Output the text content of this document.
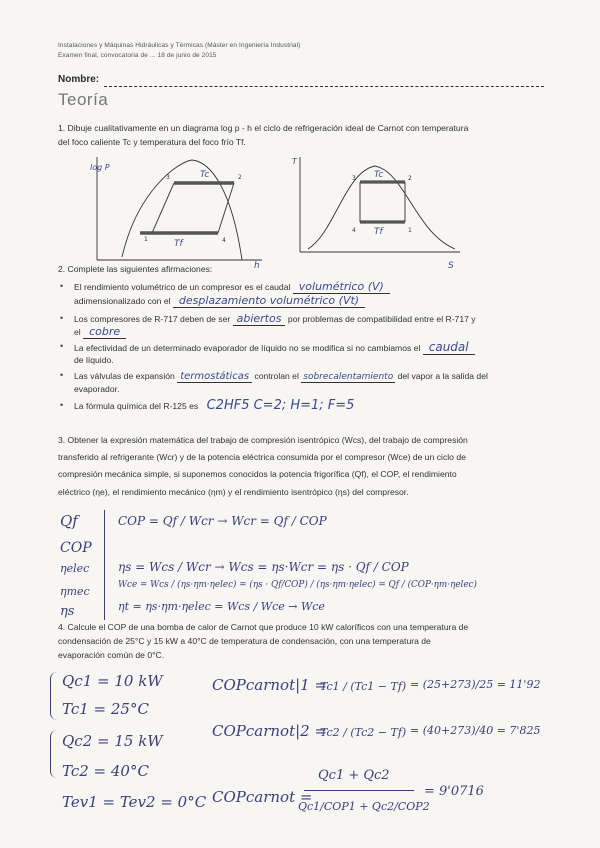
Instalaciones y Máquinas Hidráulicas y Térmicas (Máster en Ingeniería Industrial)
Examen final, convocatoria de ... 18 de junio de 2015
Nombre:
Teoría
1. Dibuje cualitativamente en un diagrama log p - h el ciclo de refrigeración ideal de Carnot con temperatura
del foco caliente Tc y temperatura del foco frío Tf.
log P
h
Tc
Tf
1
2
3
4
T
S
Tc
Tf	1
2
3
4
2. Complete las siguientes afirmaciones:
• El rendimiento volumétrico de un compresor es el caudal volumétrico (V)
adimensionalizado con el desplazamiento volumétrico (Vt)
• Los compresores de R-717 deben de ser abiertos por problemas de compatibilidad entre el R-717 y
el cobre
• La efectividad de un determinado evaporador de líquido no se modifica si no cambiamos el caudal
de líquido.
• Las válvulas de expansión termostáticas controlan el sobrecalentamiento del vapor a la salida del
evaporador.
• La fórmula química del R-125 es C2HF5 C=2; H=1; F=5
3. Obtener la expresión matemática del trabajo de compresión isentrópico (Wcs), del trabajo de compresión
transferido al refrigerante (Wcr) y de la potencia eléctrica consumida por el compresor (Wce) de un ciclo de
compresión mecánica simple, si suponemos conocidos la potencia frigorífica (Qf), el COP, el rendimiento
eléctrico (ηe), el rendimiento mecánico (ηm) y el rendimiento isentrópico (ηs) del compresor.
Qf
COP
ηelec
ηmec
ηs
COP = Qf / Wcr → Wcr = Qf / COP
ηs = Wcs / Wcr → Wcs = ηs·Wcr = ηs · Qf / COP
Wce = Wcs / (ηs·ηm·ηelec) = (ηs · Qf/COP) / (ηs·ηm·ηelec) = Qf / (COP·ηm·ηelec)
ηt = ηs·ηm·ηelec = Wcs / Wce → Wce
4. Calcule el COP de una bomba de calor de Carnot que produce 10 kW caloríficos con una temperatura de
condensación de 25°C y 15 kW a 40°C de temperatura de condensación, con una temperatura de
evaporación común de 0°C.
Qc1 = 10 kW
Tc1 = 25°C
Qc2 = 15 kW
Tc2 = 40°C
Tev1 = Tev2 = 0°C
COPcarnot|1 =
Tc1 / (Tc1 − Tf) = (25+273)/25 = 11'92
COPcarnot|2 =
Tc2 / (Tc2 − Tf) = (40+273)/40 = 7'825
COPcarnot =
Qc1 + Qc2
Qc1/COP1 + Qc2/COP2
= 9'0716
